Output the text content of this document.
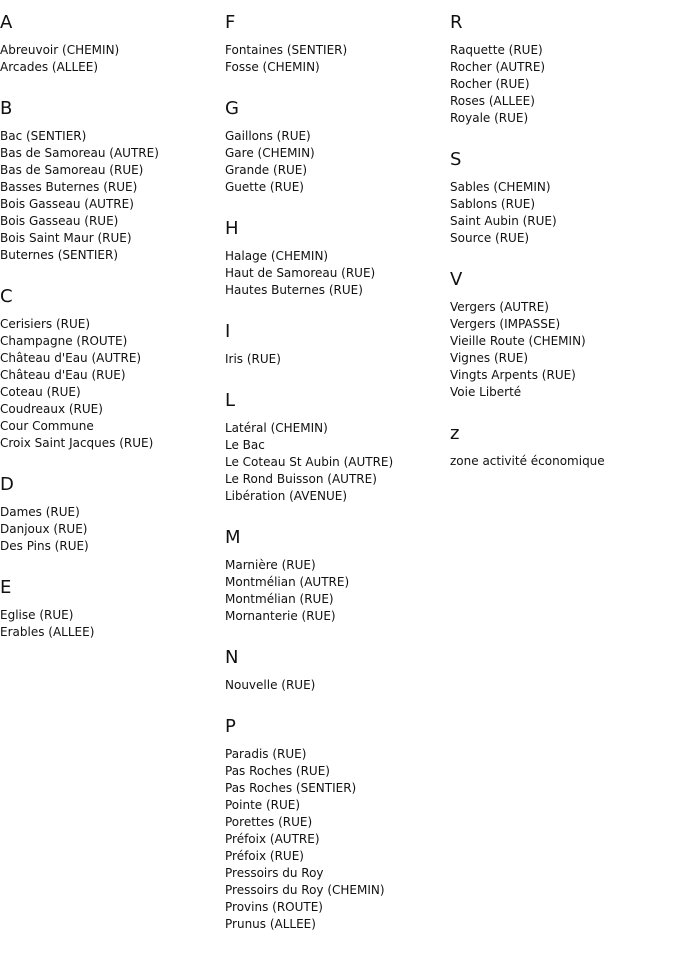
A
Abreuvoir (CHEMIN)
Arcades (ALLEE)
B
Bac (SENTIER)
Bas de Samoreau (AUTRE)
Bas de Samoreau (RUE)
Basses Buternes (RUE)
Bois Gasseau (AUTRE)
Bois Gasseau (RUE)
Bois Saint Maur (RUE)
Buternes (SENTIER)
C
Cerisiers (RUE)
Champagne (ROUTE)
Château d'Eau (AUTRE)
Château d'Eau (RUE)
Coteau (RUE)
Coudreaux (RUE)
Cour Commune
Croix Saint Jacques (RUE)
D
Dames (RUE)
Danjoux (RUE)
Des Pins (RUE)
E
Eglise (RUE)
Erables (ALLEE)
F
Fontaines (SENTIER)
Fosse (CHEMIN)
G
Gaillons (RUE)
Gare (CHEMIN)
Grande (RUE)
Guette (RUE)
H
Halage (CHEMIN)
Haut de Samoreau (RUE)
Hautes Buternes (RUE)
I
Iris (RUE)
L
Latéral (CHEMIN)
Le Bac
Le Coteau St Aubin (AUTRE)
Le Rond Buisson (AUTRE)
Libération (AVENUE)
M
Marnière (RUE)
Montmélian (AUTRE)
Montmélian (RUE)
Mornanterie (RUE)
N
Nouvelle (RUE)
P
Paradis (RUE)
Pas Roches (RUE)
Pas Roches (SENTIER)
Pointe (RUE)
Porettes (RUE)
Préfoix (AUTRE)
Préfoix (RUE)
Pressoirs du Roy
Pressoirs du Roy (CHEMIN)
Provins (ROUTE)
Prunus (ALLEE)
R
Raquette (RUE)
Rocher (AUTRE)
Rocher (RUE)
Roses (ALLEE)
Royale (RUE)
S
Sables (CHEMIN)
Sablons (RUE)
Saint Aubin (RUE)
Source (RUE)
V
Vergers (AUTRE)
Vergers (IMPASSE)
Vieille Route (CHEMIN)
Vignes (RUE)
Vingts Arpents (RUE)
Voie Liberté
z
zone activité économique
